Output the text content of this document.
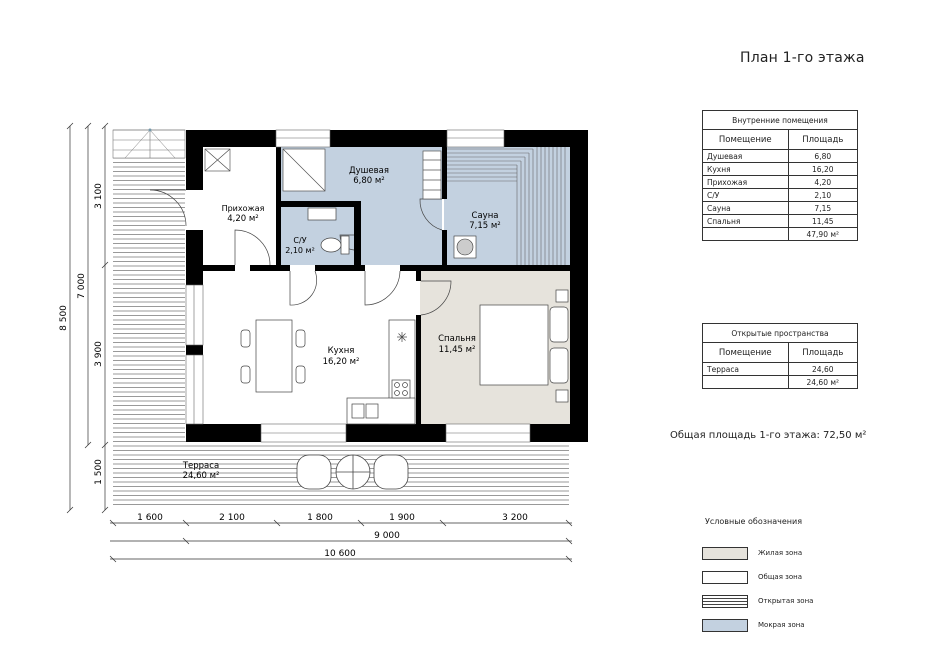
Прихожая
4,20 м²
С/У
2,10 м²
Душевая
6,80 м²
Сауна
7,15 м²
Кухня
16,20 м²
Спальня
11,45 м²
Терраса
24,60 м²
8 500
7 000
3 100
3 900
1 500
1 600	2 100	1 800	1 900	3 200
9 000
10 600
План 1-го этажа
Внутренние помещения	
Помещение	Площадь
Душевая	6,80
Кухня	16,20
Прихожая	4,20
С/У	2,10
Сауна	7,15
Спальня	11,45
	47,90 м²
Открытые пространства	
Помещение	Площадь
Терраса	24,60
	24,60 м²
Общая площадь 1-го этажа: 72,50 м²
Условные обозначения
Жилая зона
Общая зона
Открытая зона
Мокрая зона
